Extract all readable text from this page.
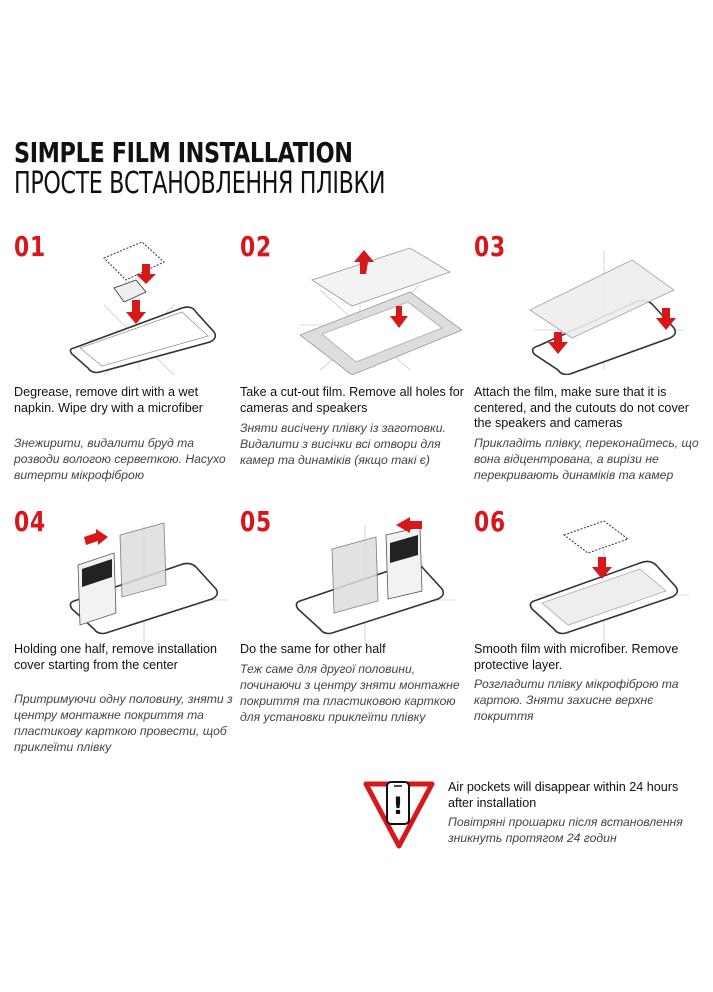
SIMPLE FILM INSTALLATION
ПРОСТЕ ВСТАНОВЛЕННЯ ПЛІВКИ
01

Degrease, remove dirt with a wet napkin. Wipe dry with a microfiber

Знежирити, видалити бруд та розводи вологою серветкою. Насухо витерти мікрофіброю

02

Take a cut-out film. Remove all holes for cameras and speakers

Зняти висічену плівку із заготовки. Видалити з висічки всі отвори для камер та динаміків (якщо такі є)

03

Attach the film, make sure that it is centered, and the cutouts do not cover the speakers and cameras

Прикладіть плівку, переконайтесь, що вона відцентрована, а вирізи не перекривають динаміків та камер

04

Holding one half, remove installation cover starting from the center

Притримуючи одну половину, зняти з центру монтажне покриття та пластикову карткою провести, щоб приклеїти плівку

05

Do the same for other half

Теж саме для другої половини, починаючи з центру зняти монтажне покриття та пластиковою карткою для установки приклеїти плівку

06

Smooth film with microfiber. Remove protective layer.

Розгладити плівку мікрофіброю та картою. Зняти захисне верхнє покриття

!

Air pockets will disappear within 24 hours after installation

Повітряні прошарки після встановлення зникнуть протягом 24 годин
